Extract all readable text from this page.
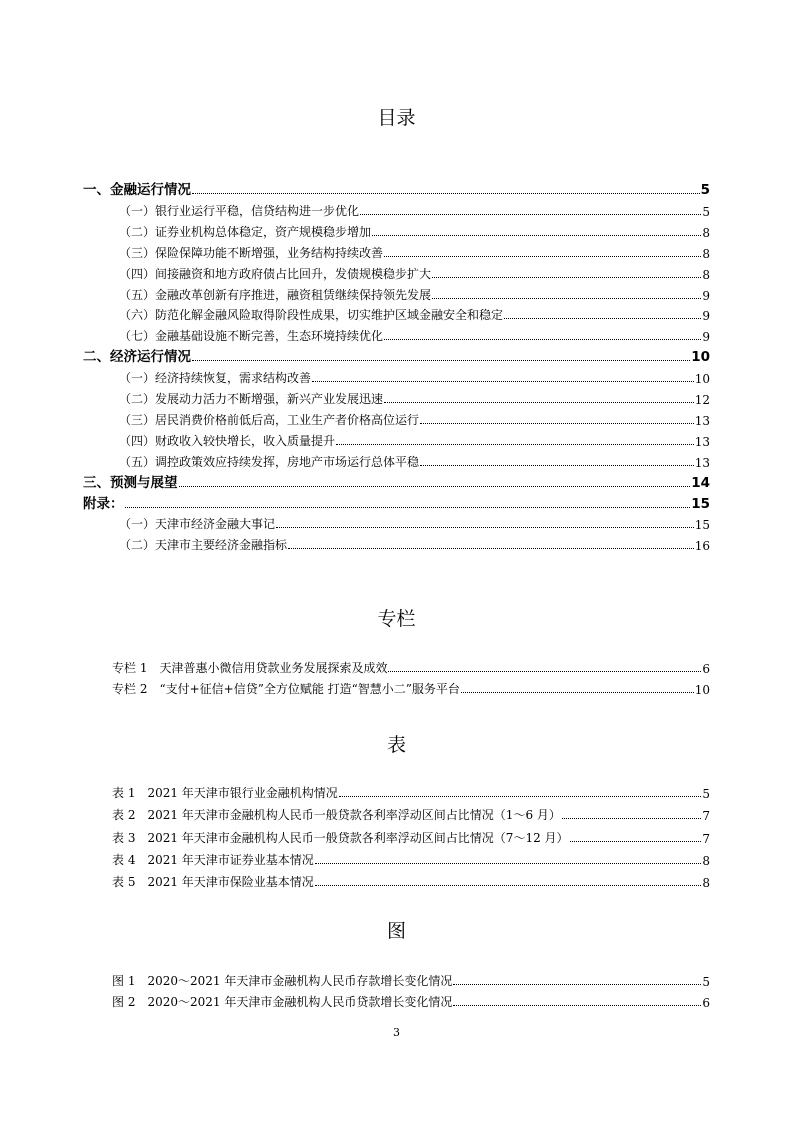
目录
一、金融运行情况	5
（一）银行业运行平稳，信贷结构进一步优化	5
（二）证券业机构总体稳定，资产规模稳步增加	8
（三）保险保障功能不断增强，业务结构持续改善	8
（四）间接融资和地方政府债占比回升，发债规模稳步扩大	8
（五）金融改革创新有序推进，融资租赁继续保持领先发展	9
（六）防范化解金融风险取得阶段性成果，切实维护区域金融安全和稳定	9
（七）金融基础设施不断完善，生态环境持续优化	9
二、经济运行情况	10
（一）经济持续恢复，需求结构改善	10
（二）发展动力活力不断增强，新兴产业发展迅速	12
（三）居民消费价格前低后高，工业生产者价格高位运行	13
（四）财政收入较快增长，收入质量提升	13
（五）调控政策效应持续发挥，房地产市场运行总体平稳	13
三、预测与展望	14
附录：	15
（一）天津市经济金融大事记	15
（二）天津市主要经济金融指标	16
专栏
专栏 1　天津普惠小微信用贷款业务发展探索及成效	6
专栏 2　“支付+征信+信贷”全方位赋能 打造“智慧小二”服务平台	10
表
表 1　2021 年天津市银行业金融机构情况	5
表 2　2021 年天津市金融机构人民币一般贷款各利率浮动区间占比情况（1～6 月）	7
表 3　2021 年天津市金融机构人民币一般贷款各利率浮动区间占比情况（7～12 月）	7
表 4　2021 年天津市证券业基本情况	8
表 5　2021 年天津市保险业基本情况	8
图
图 1　2020～2021 年天津市金融机构人民币存款增长变化情况	5
图 2　2020～2021 年天津市金融机构人民币贷款增长变化情况	6
3
